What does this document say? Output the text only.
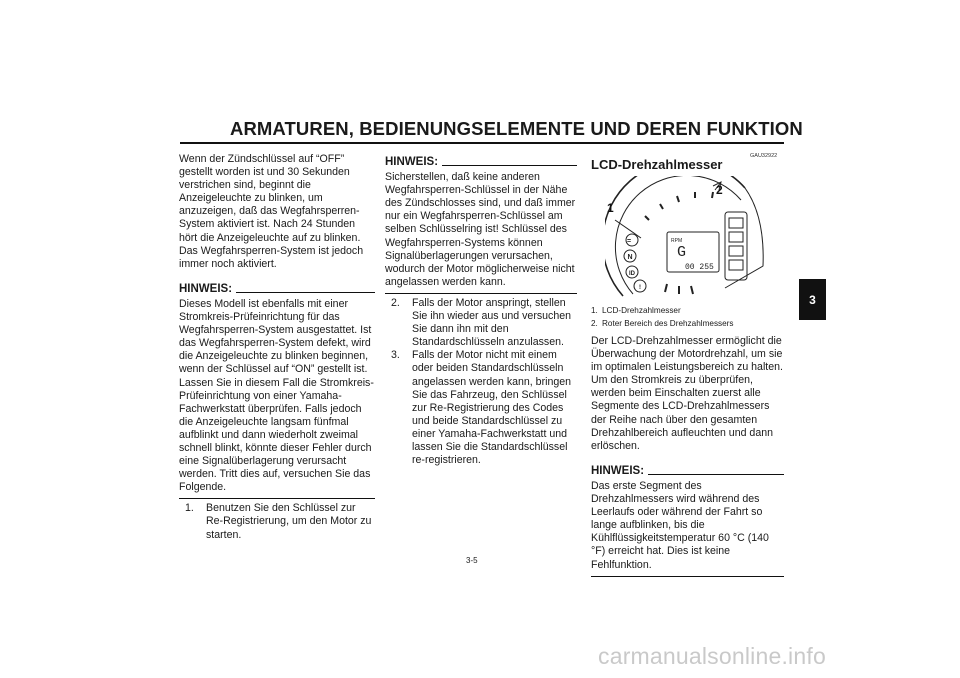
ARMATUREN, BEDIENUNGSELEMENTE UND DEREN FUNKTION

Wenn der Zündschlüssel auf “OFF” gestellt worden ist und 30 Sekunden verstrichen sind, beginnt die Anzeigeleuchte zu blinken, um anzuzeigen, daß das Wegfahrsperren-System aktiviert ist. Nach 24 Stunden hört die Anzeigeleuchte auf zu blinken. Das Wegfahrsperren-System ist jedoch immer noch aktiviert.

HINWEIS:

Dieses Modell ist ebenfalls mit einer Stromkreis-Prüfeinrichtung für das Wegfahrsperren-System ausgestattet. Ist das Wegfahrsperren-System defekt, wird die Anzeigeleuchte zu blinken beginnen, wenn der Schlüssel auf “ON” gestellt ist. Lassen Sie in diesem Fall die Stromkreis-Prüfeinrichtung von einer Yamaha-Fachwerkstatt überprüfen. Falls jedoch die Anzeigeleuchte langsam fünfmal aufblinkt und dann wiederholt zweimal schnell blinkt, könnte dieser Fehler durch eine Signalüberlagerung verursacht werden. Tritt dies auf, versuchen Sie das Folgende.

1.	Benutzen Sie den Schlüssel zur Re-Registrierung, um den Motor zu starten.
HINWEIS:

Sicherstellen, daß keine anderen Wegfahrsperren-Schlüssel in der Nähe des Zündschlosses sind, und daß immer nur ein Wegfahrsperren-Schlüssel am selben Schlüsselring ist! Schlüssel des Wegfahrsperren-Systems können Signalüberlagerungen verursachen, wodurch der Motor möglicherweise nicht angelassen werden kann.

2.	Falls der Motor anspringt, stellen Sie ihn wieder aus und versuchen Sie dann ihn mit den Standardschlüsseln anzulassen.
3.	Falls der Motor nicht mit einem oder beiden Standardschlüsseln angelassen werden kann, bringen Sie das Fahrzeug, den Schlüssel zur Re-Registrierung des Codes und beide Standardschlüssel zu einer Yamaha-Fachwerkstatt und lassen Sie die Standardschlüssel re-registrieren.
GAU32922
LCD-Drehzahlmesser
RPM
=
N
ID
!
G
00 255
1
2
1. LCD-Drehzahlmesser
2. Roter Bereich des Drehzahlmessers

Der LCD-Drehzahlmesser ermöglicht die Überwachung der Motordrehzahl, um sie im optimalen Leistungsbereich zu halten. Um den Stromkreis zu überprüfen, werden beim Einschalten zuerst alle Segmente des LCD-Drehzahlmessers der Reihe nach über den gesamten Drehzahlbereich aufleuchten und dann erlöschen.

HINWEIS:

Das erste Segment des Drehzahlmessers wird während des Leerlaufs oder während der Fahrt so lange aufblinken, bis die Kühlflüssigkeitstemperatur 60 °C (140 °F) erreicht hat. Dies ist keine Fehlfunktion.

3
3-5
carmanualsonline.info
